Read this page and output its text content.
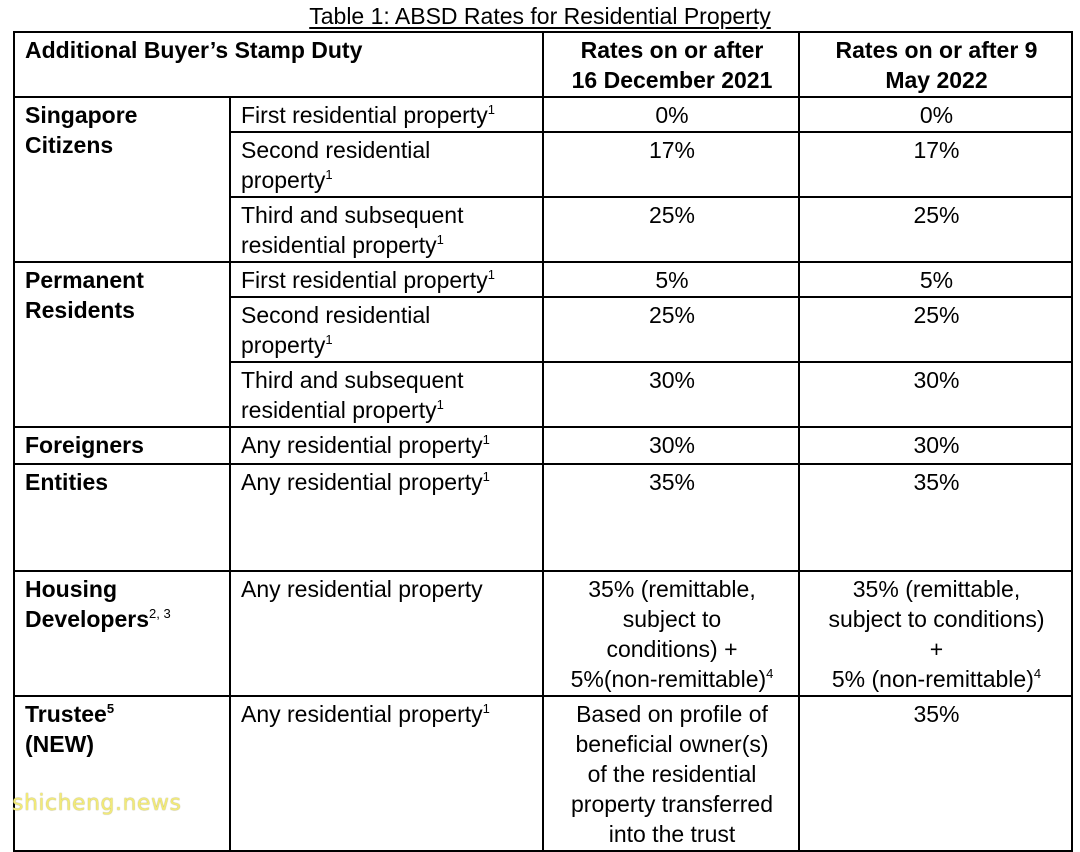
Table 1: ABSD Rates for Residential Property
Additional Buyer’s Stamp Duty		Rates on or after
16 December 2021	Rates on or after 9
May 2022
Singapore
Citizens	First residential property$^1$	0%	0%
	Second residential
property$^1$	17%	17%
	Third and subsequent
residential property$^1$	25%	25%
Permanent
Residents	First residential property$^1$	5%	5%
	Second residential
property$^1$	25%	25%
	Third and subsequent
residential property$^1$	30%	30%
Foreigners	Any residential property$^1$	30%	30%
Entities	Any residential property$^1$	35%	35%
Housing
Developers$^{2, 3}$	Any residential property	35% (remittable,
subject to
conditions) +
5%(non-remittable)$^4$	35% (remittable,
subject to conditions)
+
5% (non-remittable)$^4$
Trustee$^5$
(NEW)	Any residential property$^1$	Based on profile of
beneficial owner(s)
of the residential
property transferred
into the trust	35%
shicheng.news
